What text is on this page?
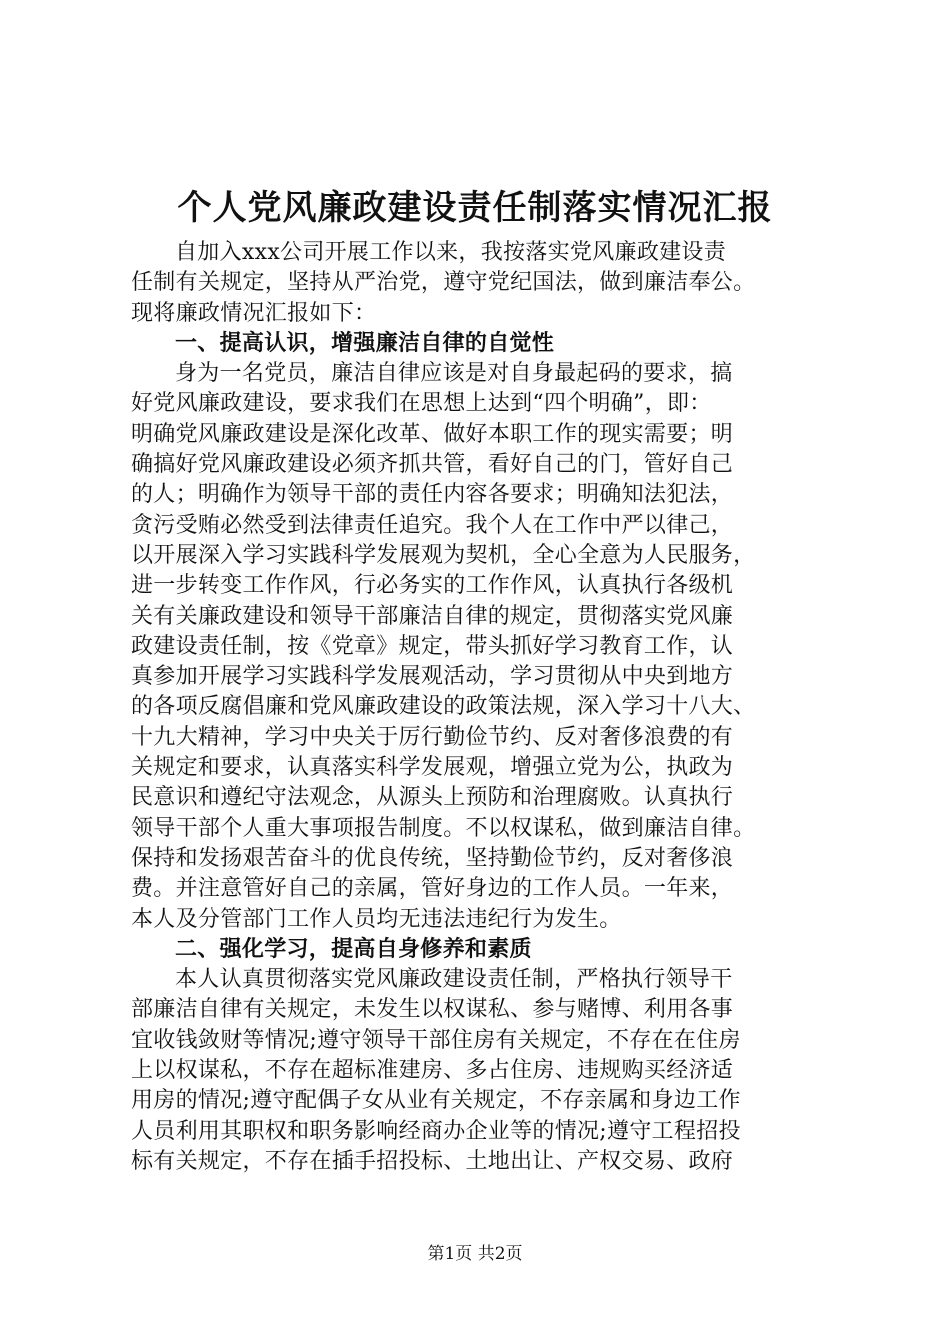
个人党风廉政建设责任制落实情况汇报
自加入xxx公司开展工作以来，我按落实党风廉政建设责
任制有关规定，坚持从严治党，遵守党纪国法，做到廉洁奉公。
现将廉政情况汇报如下：
一、提高认识，增强廉洁自律的自觉性
身为一名党员，廉洁自律应该是对自身最起码的要求，搞
好党风廉政建设，要求我们在思想上达到“四个明确”，即：
明确党风廉政建设是深化改革、做好本职工作的现实需要；明
确搞好党风廉政建设必须齐抓共管，看好自己的门，管好自己
的人；明确作为领导干部的责任内容各要求；明确知法犯法，
贪污受贿必然受到法律责任追究。我个人在工作中严以律己，
以开展深入学习实践科学发展观为契机，全心全意为人民服务，
进一步转变工作作风，行必务实的工作作风，认真执行各级机
关有关廉政建设和领导干部廉洁自律的规定，贯彻落实党风廉
政建设责任制，按《党章》规定，带头抓好学习教育工作，认
真参加开展学习实践科学发展观活动，学习贯彻从中央到地方
的各项反腐倡廉和党风廉政建设的政策法规，深入学习十八大、
十九大精神，学习中央关于厉行勤俭节约、反对奢侈浪费的有
关规定和要求，认真落实科学发展观，增强立党为公，执政为
民意识和遵纪守法观念，从源头上预防和治理腐败。认真执行
领导干部个人重大事项报告制度。不以权谋私，做到廉洁自律。
保持和发扬艰苦奋斗的优良传统，坚持勤俭节约，反对奢侈浪
费。并注意管好自己的亲属，管好身边的工作人员。一年来，
本人及分管部门工作人员均无违法违纪行为发生。
二、强化学习，提高自身修养和素质
本人认真贯彻落实党风廉政建设责任制，严格执行领导干
部廉洁自律有关规定，未发生以权谋私、参与赌博、利用各事
宜收钱敛财等情况;遵守领导干部住房有关规定，不存在在住房
上以权谋私，不存在超标准建房、多占住房、违规购买经济适
用房的情况;遵守配偶子女从业有关规定，不存亲属和身边工作
人员利用其职权和职务影响经商办企业等的情况;遵守工程招投
标有关规定，不存在插手招投标、土地出让、产权交易、政府
第1页 共2页
